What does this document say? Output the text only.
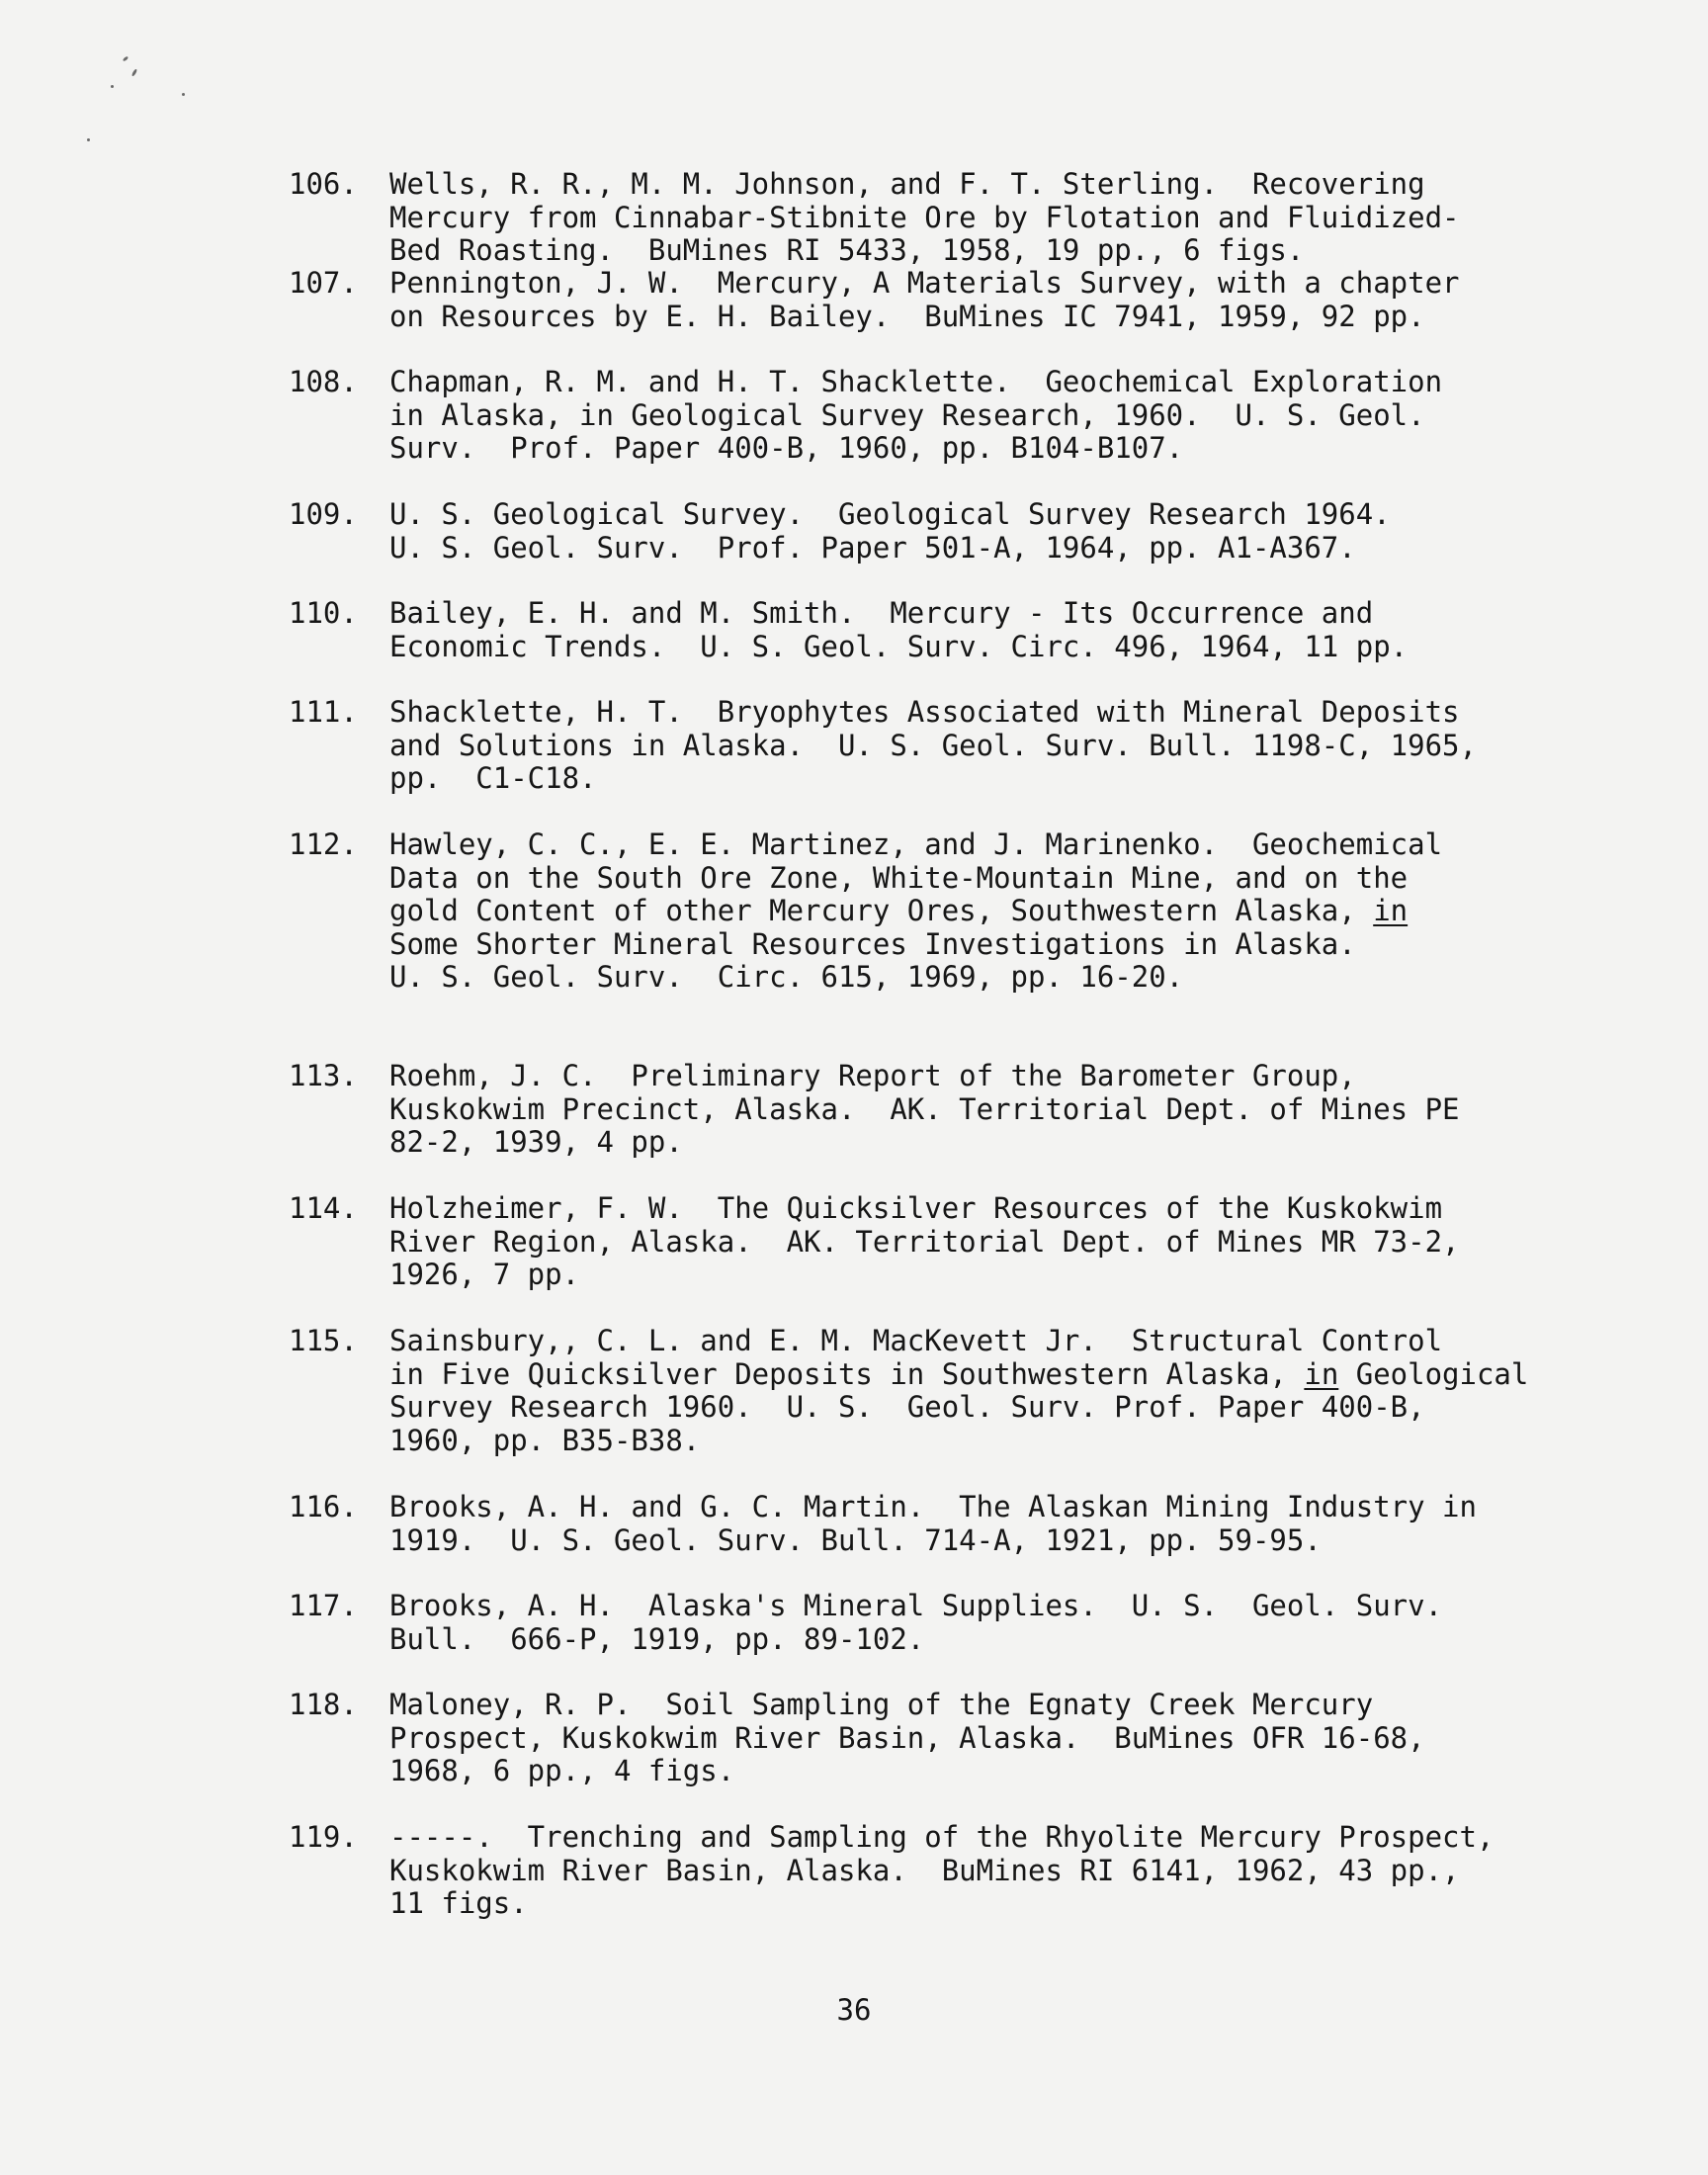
106.	Wells, R. R., M. M. Johnson, and F. T. Sterling.  Recovering
Mercury from Cinnabar-Stibnite Ore by Flotation and Fluidized-
Bed Roasting.  BuMines RI 5433, 1958, 19 pp., 6 figs.
107.	Pennington, J. W.  Mercury, A Materials Survey, with a chapter
on Resources by E. H. Bailey.  BuMines IC 7941, 1959, 92 pp.
108.	Chapman, R. M. and H. T. Shacklette.  Geochemical Exploration
in Alaska, in Geological Survey Research, 1960.  U. S. Geol.
Surv.  Prof. Paper 400-B, 1960, pp. B104-B107.
109.	U. S. Geological Survey.  Geological Survey Research 1964.
U. S. Geol. Surv.  Prof. Paper 501-A, 1964, pp. A1-A367.
110.	Bailey, E. H. and M. Smith.  Mercury - Its Occurrence and
Economic Trends.  U. S. Geol. Surv. Circ. 496, 1964, 11 pp.
111.	Shacklette, H. T.  Bryophytes Associated with Mineral Deposits
and Solutions in Alaska.  U. S. Geol. Surv. Bull. 1198-C, 1965,
pp.  C1-C18.
112.	Hawley, C. C., E. E. Martinez, and J. Marinenko.  Geochemical
Data on the South Ore Zone, White-Mountain Mine, and on the
gold Content of other Mercury Ores, Southwestern Alaska, in
Some Shorter Mineral Resources Investigations in Alaska.
U. S. Geol. Surv.  Circ. 615, 1969, pp. 16-20.
113.	Roehm, J. C.  Preliminary Report of the Barometer Group,
Kuskokwim Precinct, Alaska.  AK. Territorial Dept. of Mines PE
82-2, 1939, 4 pp.
114.	Holzheimer, F. W.  The Quicksilver Resources of the Kuskokwim
River Region, Alaska.  AK. Territorial Dept. of Mines MR 73-2,
1926, 7 pp.
115.	Sainsbury,, C. L. and E. M. MacKevett Jr.  Structural Control
in Five Quicksilver Deposits in Southwestern Alaska, in Geological
Survey Research 1960.  U. S.  Geol. Surv. Prof. Paper 400-B,
1960, pp. B35-B38.
116.	Brooks, A. H. and G. C. Martin.  The Alaskan Mining Industry in
1919.  U. S. Geol. Surv. Bull. 714-A, 1921, pp. 59-95.
117.	Brooks, A. H.  Alaska's Mineral Supplies.  U. S.  Geol. Surv.
Bull.  666-P, 1919, pp. 89-102.
118.	Maloney, R. P.  Soil Sampling of the Egnaty Creek Mercury
Prospect, Kuskokwim River Basin, Alaska.  BuMines OFR 16-68,
1968, 6 pp., 4 figs.
119.	-----.  Trenching and Sampling of the Rhyolite Mercury Prospect,
Kuskokwim River Basin, Alaska.  BuMines RI 6141, 1962, 43 pp.,
11 figs.
36
